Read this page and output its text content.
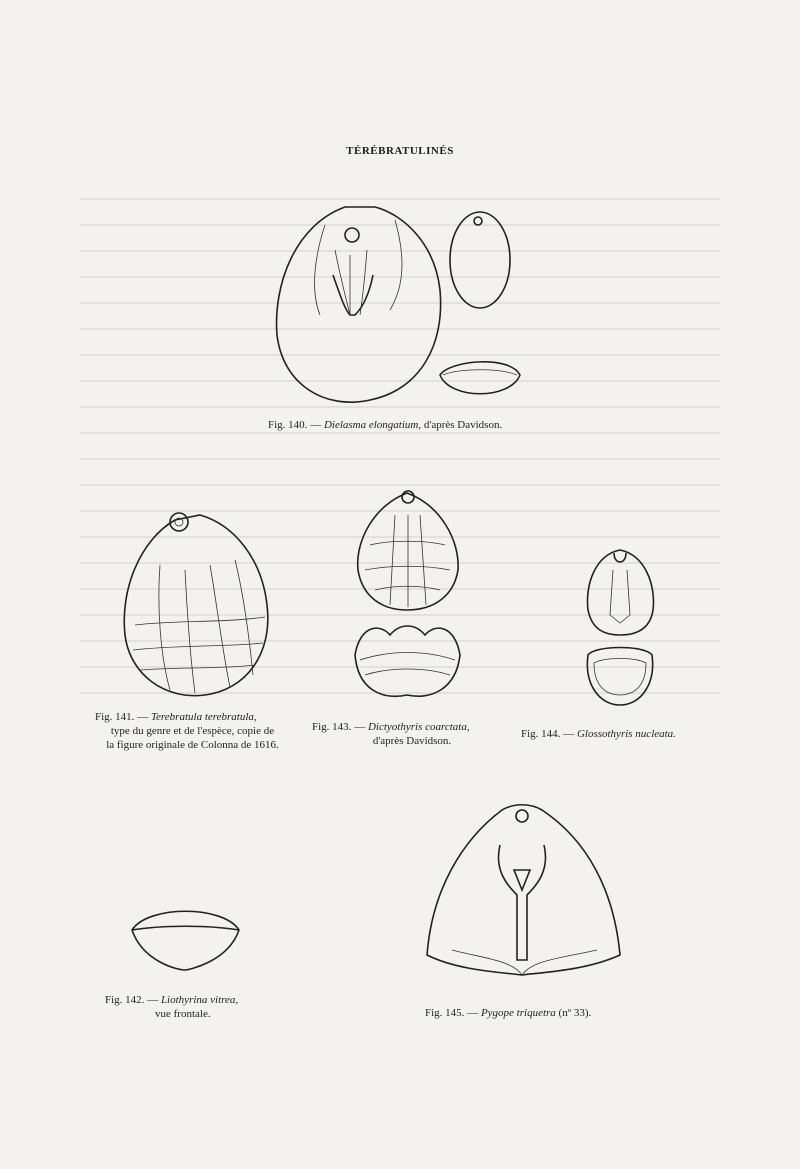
TÉRÉBRATULINÉS
Fig. 140. — Dielasma elongatium, d'après Davidson.
Fig. 141. — Terebratula terebratula,
type du genre et de l'espèce, copie de
la figure originale de Colonna de 1616.
Fig. 143. — Dictyothyris coarctata,
d'après Davidson.
Fig. 144. — Glossothyris nucleata.
Fig. 142. — Liothyrina vitrea,
vue frontale.	Fig. 145. — Pygope triquetra (nº 33).
